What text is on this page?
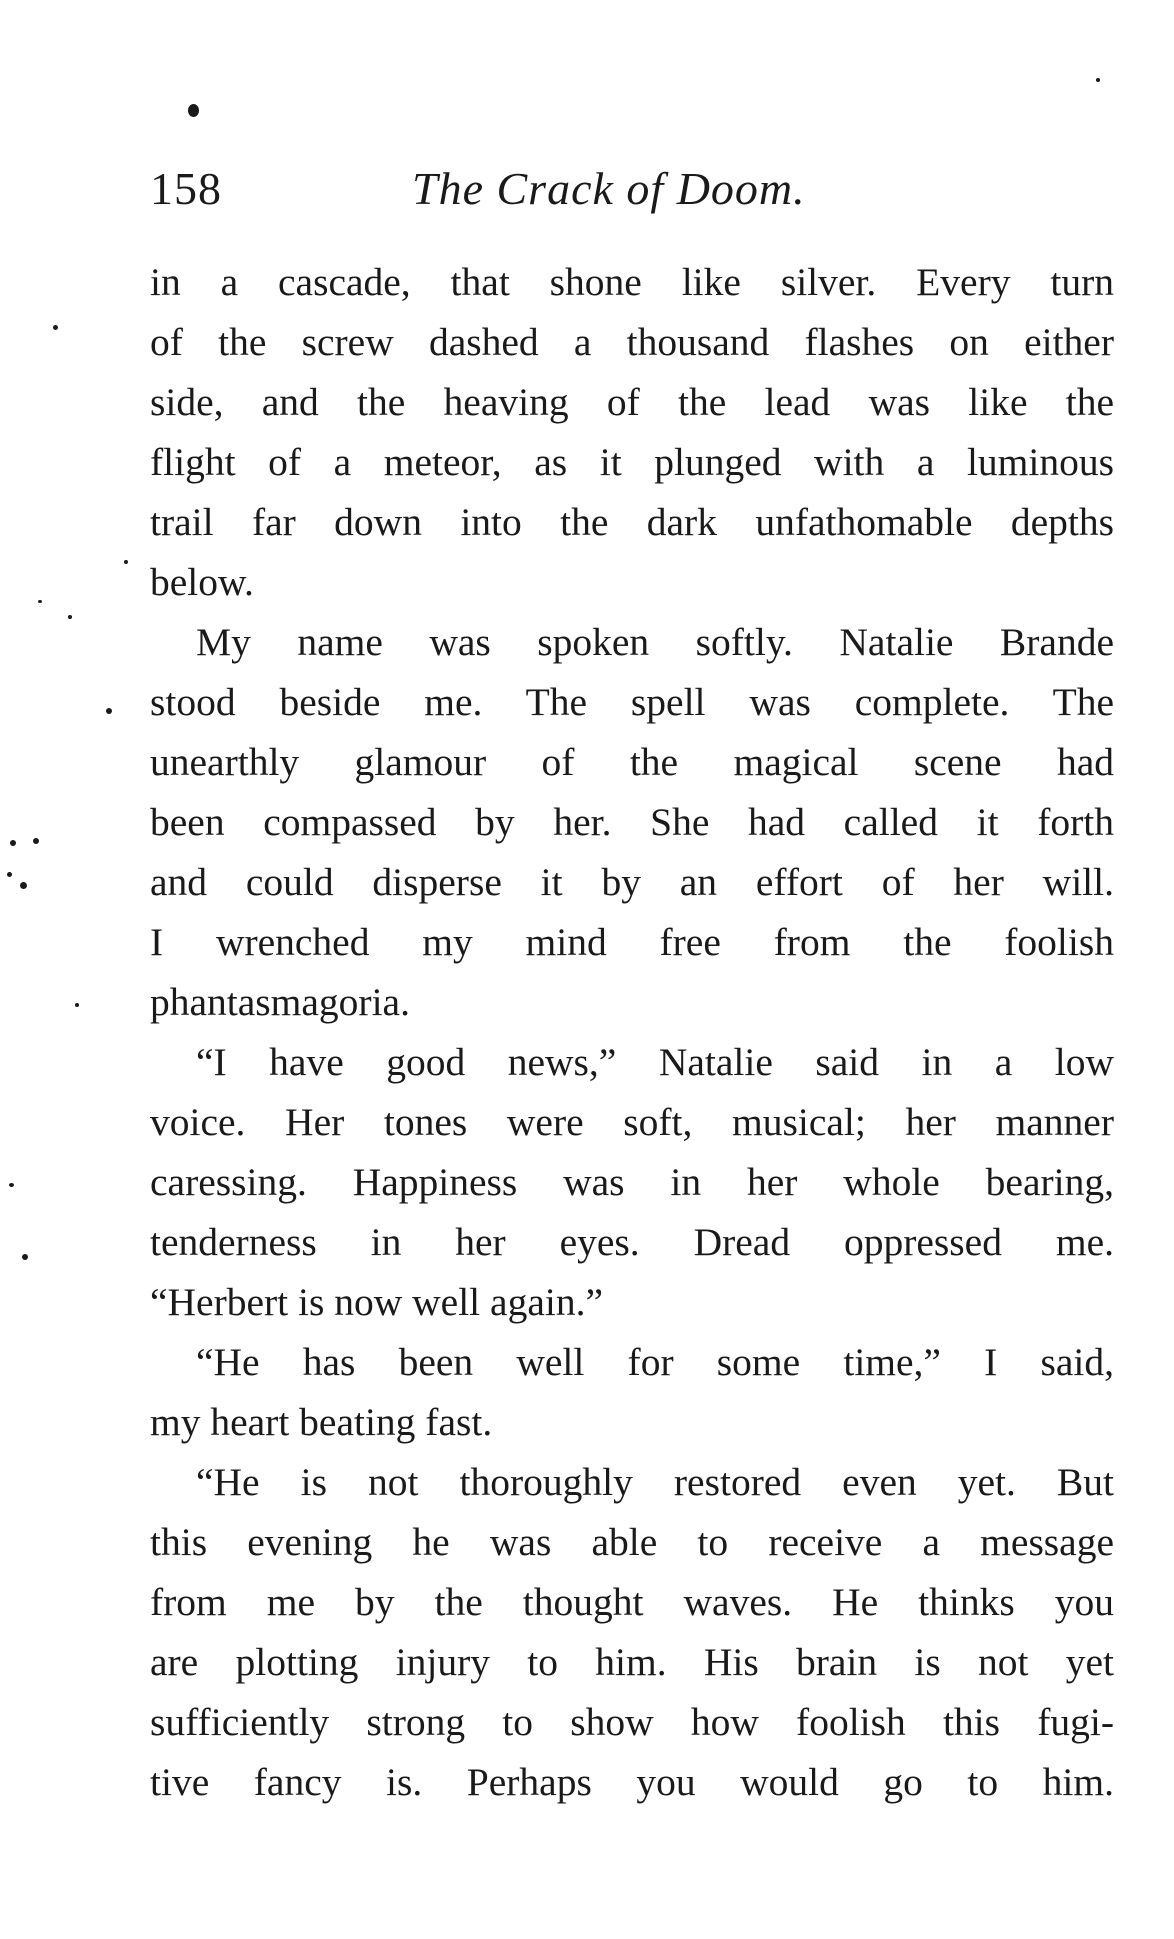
158	The Crack of Doom.
in a cascade, that shone like silver. Every turn
of the screw dashed a thousand flashes on either
side, and the heaving of the lead was like the
flight of a meteor, as it plunged with a luminous
trail far down into the dark unfathomable depths
below.
My name was spoken softly. Natalie Brande
stood beside me. The spell was complete. The
unearthly glamour of the magical scene had
been compassed by her. She had called it forth
and could disperse it by an effort of her will.
I wrenched my mind free from the foolish
phantasmagoria.
“I have good news,” Natalie said in a low
voice. Her tones were soft, musical; her manner
caressing. Happiness was in her whole bearing,
tenderness in her eyes. Dread oppressed me.
“Herbert is now well again.”
“He has been well for some time,” I said,
my heart beating fast.
“He is not thoroughly restored even yet. But
this evening he was able to receive a message
from me by the thought waves. He thinks you
are plotting injury to him. His brain is not yet
sufficiently strong to show how foolish this fugi-
tive fancy is. Perhaps you would go to him.
